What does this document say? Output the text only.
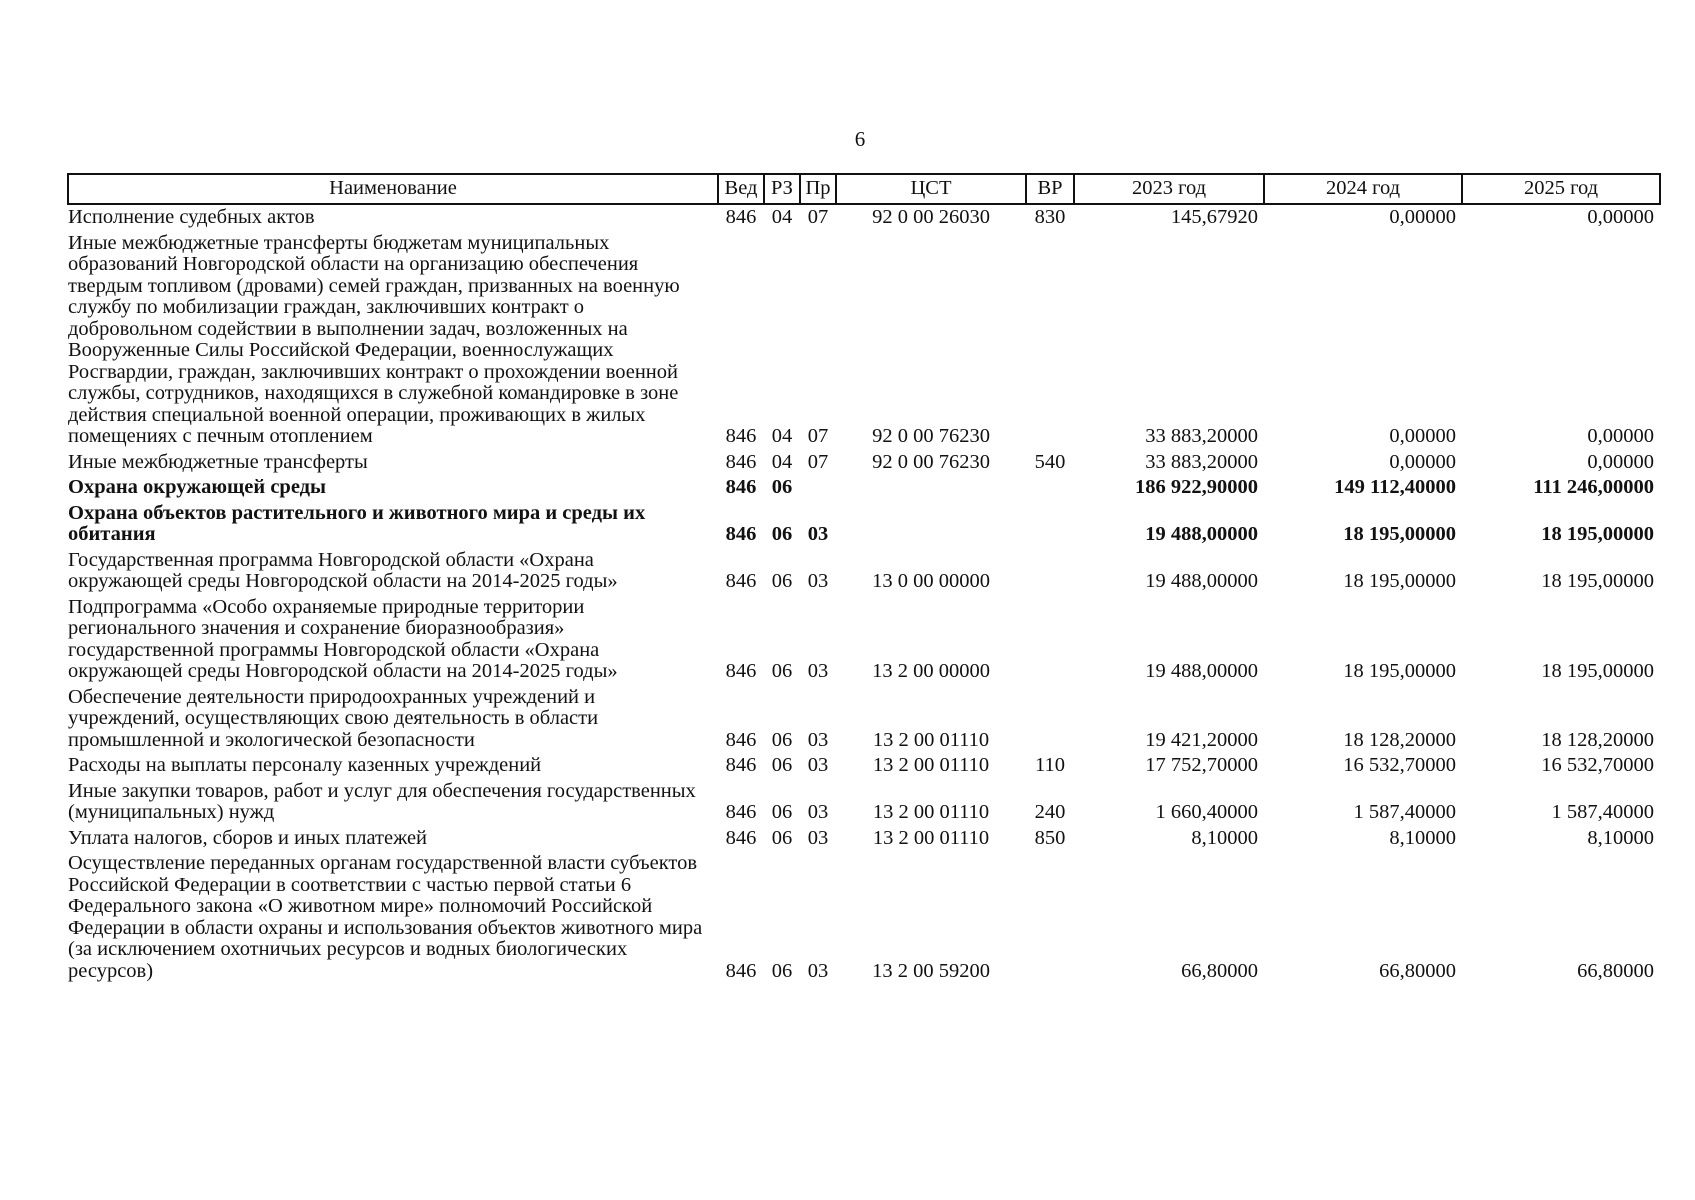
6
Наименование	Вед	РЗ	Пр	ЦСТ	ВР	2023 год	2024 год	2025 год
Исполнение судебных актов	846	04	07	92 0 00 26030	830	145,67920	0,00000	0,00000
Иные межбюджетные трансферты бюджетам муниципальных образований Новгородской области на организацию обеспечения твердым топливом (дровами) семей граждан, призванных на военную службу по мобилизации граждан, заключивших контракт о добровольном содействии в выполнении задач, возложенных на Вооруженные Силы Российской Федерации, военнослужащих Росгвардии, граждан, заключивших контракт о прохождении военной службы, сотрудников, находящихся в служебной командировке в зоне действия специальной военной операции, проживающих в жилых помещениях с печным отоплением	846	04	07	92 0 00 76230		33 883,20000	0,00000	0,00000
Иные межбюджетные трансферты	846	04	07	92 0 00 76230	540	33 883,20000	0,00000	0,00000
Охрана окружающей среды	846	06				186 922,90000	149 112,40000	111 246,00000
Охрана объектов растительного и животного мира и среды их обитания	846	06	03			19 488,00000	18 195,00000	18 195,00000
Государственная программа Новгородской области «Охрана окружающей среды Новгородской области на 2014-2025 годы»	846	06	03	13 0 00 00000		19 488,00000	18 195,00000	18 195,00000
Подпрограмма «Особо охраняемые природные территории регионального значения и сохранение биоразнообразия» государственной программы Новгородской области «Охрана окружающей среды Новгородской области на 2014-2025 годы»	846	06	03	13 2 00 00000		19 488,00000	18 195,00000	18 195,00000
Обеспечение деятельности природоохранных учреждений и учреждений, осуществляющих свою деятельность в области промышленной и экологической безопасности	846	06	03	13 2 00 01110		19 421,20000	18 128,20000	18 128,20000
Расходы на выплаты персоналу казенных учреждений	846	06	03	13 2 00 01110	110	17 752,70000	16 532,70000	16 532,70000
Иные закупки товаров, работ и услуг для обеспечения государственных (муниципальных) нужд	846	06	03	13 2 00 01110	240	1 660,40000	1 587,40000	1 587,40000
Уплата налогов, сборов и иных платежей	846	06	03	13 2 00 01110	850	8,10000	8,10000	8,10000
Осуществление переданных органам государственной власти субъектов Российской Федерации в соответствии с частью первой статьи 6 Федерального закона «О животном мире» полномочий Российской Федерации в области охраны и использования объектов животного мира (за исключением охотничьих ресурсов и водных биологических ресурсов)	846	06	03	13 2 00 59200		66,80000	66,80000	66,80000
